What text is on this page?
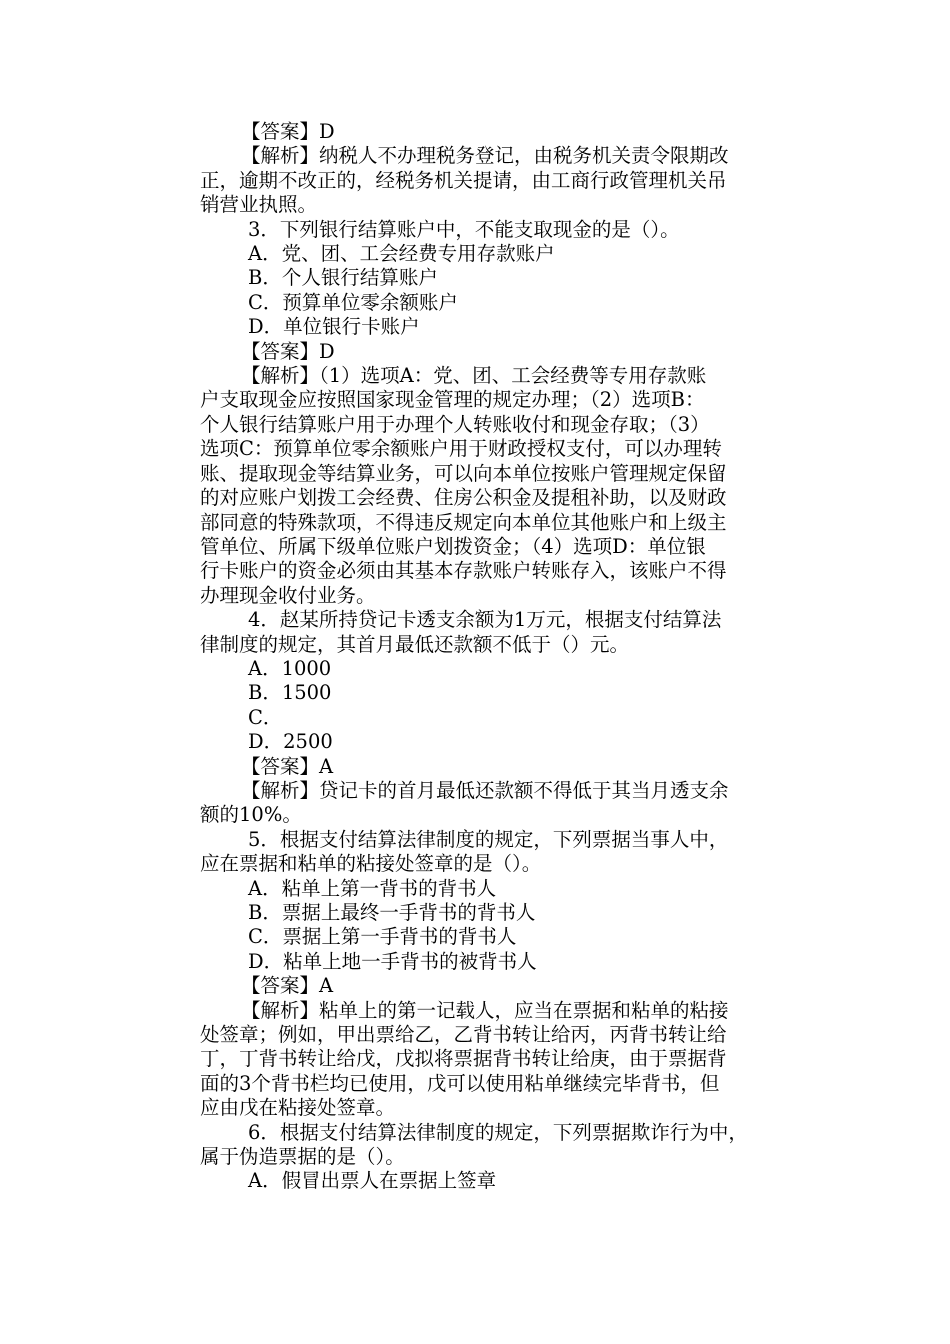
【答案】D
【解析】纳税人不办理税务登记，由税务机关责令限期改
正，逾期不改正的，经税务机关提请，由工商行政管理机关吊
销营业执照。
3．下列银行结算账户中，不能支取现金的是（）。
A．党、团、工会经费专用存款账户
B．个人银行结算账户
C．预算单位零余额账户
D．单位银行卡账户
【答案】D
【解析】（1）选项A：党、团、工会经费等专用存款账
户支取现金应按照国家现金管理的规定办理；（2）选项B：
个人银行结算账户用于办理个人转账收付和现金存取；（3）
选项C：预算单位零余额账户用于财政授权支付，可以办理转
账、提取现金等结算业务，可以向本单位按账户管理规定保留
的对应账户划拨工会经费、住房公积金及提租补助，以及财政
部同意的特殊款项，不得违反规定向本单位其他账户和上级主
管单位、所属下级单位账户划拨资金；（4）选项D：单位银
行卡账户的资金必须由其基本存款账户转账存入，该账户不得
办理现金收付业务。
4．赵某所持贷记卡透支余额为1万元，根据支付结算法
律制度的规定，其首月最低还款额不低于（）元。
A．1000
B．1500
C．
D．2500
【答案】A
【解析】贷记卡的首月最低还款额不得低于其当月透支余
额的10%。
5．根据支付结算法律制度的规定，下列票据当事人中，
应在票据和粘单的粘接处签章的是（）。
A．粘单上第一背书的背书人
B．票据上最终一手背书的背书人
C．票据上第一手背书的背书人
D．粘单上地一手背书的被背书人
【答案】A
【解析】粘单上的第一记载人，应当在票据和粘单的粘接
处签章；例如，甲出票给乙，乙背书转让给丙，丙背书转让给
丁，丁背书转让给戊，戊拟将票据背书转让给庚，由于票据背
面的3个背书栏均已使用，戊可以使用粘单继续完毕背书，但
应由戊在粘接处签章。
6．根据支付结算法律制度的规定，下列票据欺诈行为中，
属于伪造票据的是（）。
A．假冒出票人在票据上签章
